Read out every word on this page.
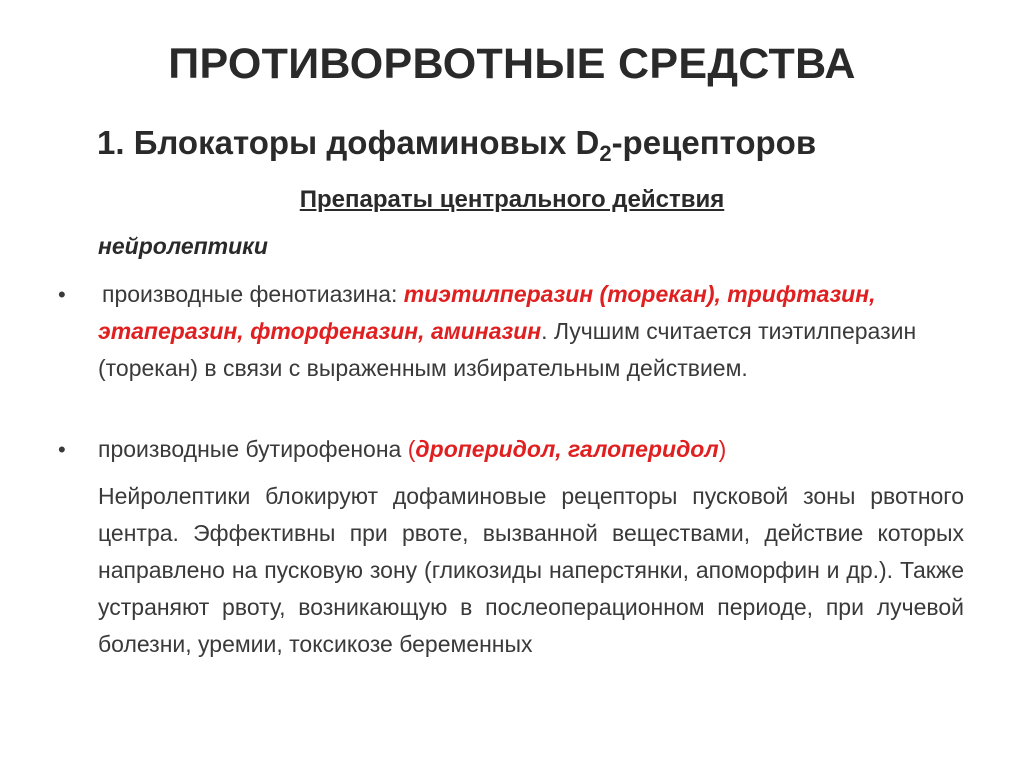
ПРОТИВОРВОТНЫЕ СРЕДСТВА
1. Блокаторы дофаминовых $D_2$-рецепторов
Препараты центрального действия
нейролептики
• производные фенотиазина: тиэтилперазин (торекан), трифтазин, этаперазин, фторфеназин, аминазин. Лучшим считается тиэтилперазин (торекан) в связи с выраженным избирательным действием.
• производные бутирофенона (дроперидол, галоперидол)
Нейролептики блокируют дофаминовые рецепторы пусковой зоны рвотного центра. Эффективны при рвоте, вызванной веществами, действие которых направлено на пусковую зону (гликозиды наперстянки, апоморфин и др.). Также устраняют рвоту, возникающую в послеоперационном периоде, при лучевой болезни, уремии, токсикозе беременных
